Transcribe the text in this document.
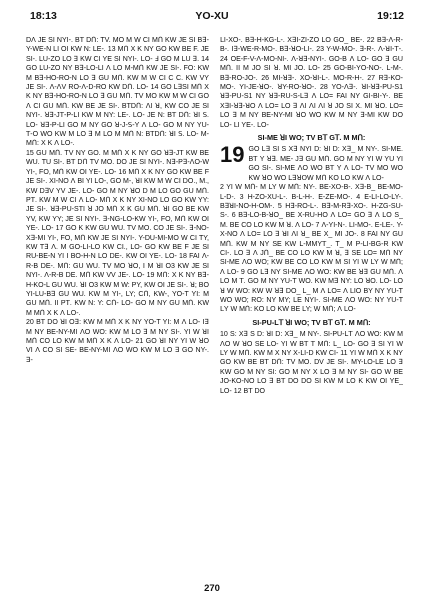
18:13	YO-XU	19:12

DɅ JE SI NYI-. Bꓔ DՈ: TV. MO M W CI MՈ KW JE SI Bꓱ-Y-WE-N LI OI KW N: LE-. 13 MՈ X K NY GO KW BE F. JE SI-. LU-ZO LO ꓱ KW CI YE SI NYI-. LO- Ⅎ GO M LU ꓱ. 14 GO LU-ZO NY Bꓱ-LO-LI Ʌ LO M-MՈ KW JE SI-. FO: KW M Bꓱ-HO-RO-N LO ꓱ GU MՈ. KW M W CI C C. KW VY JE SI-. Ʌ-ꓥV RO-Ʌ-D-RO KW DՈ. LO- 14 GO LꓱSI MՈ X K NY Bꓱ-HO-RO-N LO ꓱ GU MՈ. TV MO KW M W CI GO ꓥ CI GU MՈ. KW BE JE SI-. BꓔDՈ: ꓥI ꓤ, KW CO JE SI NYI-. ꓤꓱ-Jꓔ-P-LI KW M NY: LE-. LO- JE N: Bꓔ DՈ: ꓤI ꓢ. LO- ꓤꓱ-P-LI GO M NY GO ꓤ-J-ꓢ-Y Ʌ LO- GO M NY YU-ꓔ-O WO KW M LO ꓱ M LO M MՈ N: BꓔDՈ: ꓤI ꓢ. LO- M-MՈ: X K Ʌ LO-.

15 GU MՈ. TV NY GO. M MՈ X K NY GO ꓤꓱ-Jꓔ KW BE WU. TU SI-. Bꓔ DՈ TV MO. DO JE SI NYI-. Nꓱ-Pꓱ-ꓥO-W YI-, FO, MՈ KW OI YE-. LO- 16 MՈ X K NY GO KW BE F JE SI-. XI-NO Ʌ BI YI LO-, GO M-, ꓤI KW M W CI DO., M., KW DꓱV YV JE-. LO- GO M NY ꓤO D M LO GO GU MՈ. Pꓔ. KW M W CI Ʌ LO- MՈ X K NY XI-NO LO GO KW YY: JE SI-. ꓤꓱ-PU-SꓔI ꓤ JO MՈ X K GU MՈ. ꓤI GO BE KW YV, KW YY; JE SI NYI-. ꓱ-NG-LO-KW YI-, FO, MՈ KW OI YE-. LO- 17 GO K KW GU WU. TV MO. CO JE SI-. ꓱ-NO-Xꓱ-MI YI-, FO, MՈ KW JE SI NYI-. Y-DU-MI-MO W CI TY, KW Tꓱ Ʌ. M GO-LI-LO KW CI., LO- GO KW BE F JE SI RU-BE-N YI ꓲ BO-H-N LO DE-. KW OI YE-. LO- 18 FAI Ʌ-R-B DE-. MՈ: GU WU. TV MO ꓤO, ꓲ M ꓤI O3 KW JE SI NYI-. Ʌ-R-B DE. MՈ KW VV JE-. LO- 19 MՈ: X K NY Bꓱ-H-KO-L GU WU. ꓤI O3 KW M W: PY, KW OI JE SI-. ꓤ; BO YI-LU-Bꓱ GU WU. KW M YI-, LY; CՈ, KW-, YO-T YI: M GU MՈ. ꓲI Pꓔ. KW N: Y: CՈ- LO- GO M NY GU MՈ. KW M MՈ X K Ʌ LO-.

20 Bꓔ DO ꓤI Oꓱ: KW M MՈ X K NY YO-T YI: M Ʌ LO- ꓲꓱ M NY BE-NY-MI ꓥO WO: KW M LO ꓱ M NY SI-. YI W ꓤI MՈ CO LO KW M MՈ X K Ʌ LO- 21 GO ꓤI NY YI W ꓤO VI Ʌ CO SI SE- BE-NY-MI ꓥO WO KW M LO ꓱ GO NY-. ꓱ-

ꓡI-XO-. Bꓱ-H-KG-L-. XꓱI-ZI-ZO LO GO_ BE-. 22 Bꓱ-Ʌ-R-B-. ꓲꓱ-WE-R-MO-. Bꓱ-ꓤO-ꓡI-. 23 Y-W-MO-. ꓱ-R-. Ʌ-ꓤI-ꓔ-. 24 OE-F-V-Ʌ-MO-NI-. Ʌ-ꓤꓱ-NYI-. GO-B Ʌ LO- GO ꓱ GU MՈ. ꓲI M JO SI ꓤ. MI JO. LO- 25 GO-BI-YO-NO-. L-M-. Bꓱ-RO-JO-. 26 MI-ꓤꓱ-. XO-ꓤI-L-. MO-R-H-. 27 Rꓱ-KO-MO-. YI-JE-ꓤO-. ꓤY-RO-ꓤO-. 28 YO-ꓥꓱ-. ꓤI-ꓤꓱ-PU-S1 ꓤꓱ-PU-S1 NY ꓤꓱ-RU-S-Lꓱ Ʌ LO= FAI NY GI-BI-Y-. BE XꓱI-ꓤꓱ-ꓤO Ʌ LO= LO ꓱ ꓥI ꓥI ꓥI ꓤ JO SI X. MI ꓤO. LO= LO ꓱ M NY BE-NY-MI ꓤO WO KW M NY ꓱ-MI KW DO LO- ꓡI YE-. LO-

SI-ME ꓤI WO; TV Bꓔ Gꓔ. M MՈ:
19 GO Lꓱ SI S Xꓱ NYI D: ꓤI D: Xꓱ_ M NY-. SI-ME. Bꓔ Y ꓤꓱ. ME- Jꓱ GU MՈ. GO M NY YI W YU YI GO SI-. SI-ME ꓥO WO Bꓔ Y Ʌ LO- TV MO WO KW ꓤO WO LꓱꓤꓳW MՈ KO LO KW Ʌ LO-

2 YI W MՈ- M LY W MՈ: NY-. BE-Xꓳ-B-. Xꓱ-B_ BE-MO-L-D-. 3 H-ZO-XU-L-. B-L-H-. E-ZE-MO-. 4 E-LI-LO-LY-. BꓱꓤI-NO-H-OM-. 5 Hꓱ-RO-L-. Bꓱ-M-Rꓱ-XO-. H-ZG-SU-S-. 6 Bꓱ-LO-B-ꓤO_ BE X-RU-HO Ʌ LO= GO ꓱ Ʌ LO S_ M. BE CO LO KW M ꓤ. Ʌ LO- 7 Ʌ-YI-N-. ꓡI-MO-. E-ꓡE-. Y-X-NO Ʌ LO= LO ꓱ ꓤI ꓥI ꓤ_ BE X_ MI JO-. 8 FAI NY GU MՈ. KW M NY SE KW L-MMYꓔ_. T_ M P-LI-BG-R KW CI-. LO ꓱ Ʌ JՈ_ BE CO LO KW M ꓤ, ꓱ SE LO= MՈ NY SI-ME ꓥO WO; KW BE CO LO KW M SI YI W LY W MՈ; Ʌ LO- 9 GO Lꓱ NY SI-ME ꓥO WO: KW BE ꓤꓱ GU MՈ. Ʌ LO M ꓔ. GO M NY YU-T WO. KW Mꓱ NY: LO ꓤO. LO- LO ꓤ W WO: KW W ꓤꓱ DO_ L_ M Ʌ LO= Ʌ ꓡIO BY NY YU-T WO WO; RO: NY MY; LE NYI-. SI-ME ꓥO WO: NY YU-T ꓡY W MՈ: KO LO KW BE LY; W MՈ; Ʌ LO-

SI-PU-Lꓔ ꓤI WO; TV Bꓔ Gꓔ. M MՈ:

10 S: Xꓱ S D: ꓤI D: Xꓱ_ M NY-. SI-PU-Lꓔ ꓥO WO: KW M ꓥO W ꓤO SE LO- YI W Bꓔ ꓔ MՈ: L_ LO- GO ꓱ SI YI W LY W MՈ. KW M X NY X-ꓡI-D KW CI- 11 YI W MՈ X K NY GO KW BE Bꓔ DՈ: TV MO. DV JE SI-. MY-ꓡO-LE LO ꓱ KW GO M NY SI: GO M NY X LO ꓱ M NY SI- GO W BE JO-KO-NO LO ꓱ Bꓔ DO DO SI KW M LO K KW OI YE_ LO- 12 Bꓔ DO

270
